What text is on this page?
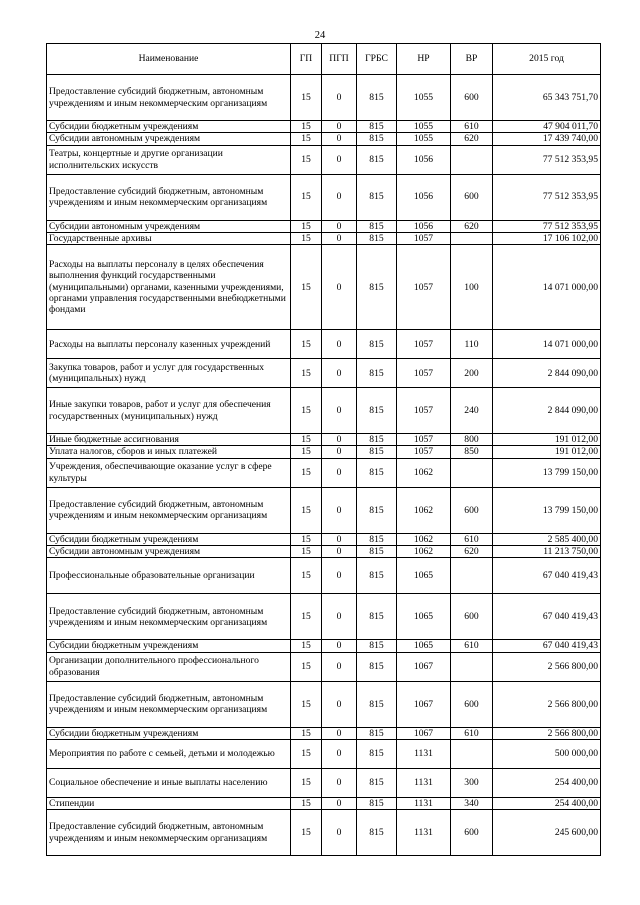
24
Наименование	ГП	ПГП	ГРБС	НР	ВР	2015 год
Предоставление субсидий бюджетным, автономным учреждениям и иным некоммерческим организациям	15	0	815	1055	600	65 343 751,70
Субсидии бюджетным учреждениям	15	0	815	1055	610	47 904 011,70
Субсидии автономным учреждениям	15	0	815	1055	620	17 439 740,00
Театры, концертные и другие организации исполнительских искусств	15	0	815	1056		77 512 353,95
Предоставление субсидий бюджетным, автономным учреждениям и иным некоммерческим организациям	15	0	815	1056	600	77 512 353,95
Субсидии автономным учреждениям	15	0	815	1056	620	77 512 353,95
Государственные архивы	15	0	815	1057		17 106 102,00
Расходы на выплаты персоналу в целях обеспечения выполнения функций государственными (муниципальными) органами, казенными учреждениями, органами управления государственными внебюджетными фондами	15	0	815	1057	100	14 071 000,00
Расходы на выплаты персоналу казенных учреждений	15	0	815	1057	110	14 071 000,00
Закупка товаров, работ и услуг для государственных (муниципальных) нужд	15	0	815	1057	200	2 844 090,00
Иные закупки товаров, работ и услуг для обеспечения государственных (муниципальных) нужд	15	0	815	1057	240	2 844 090,00
Иные бюджетные ассигнования	15	0	815	1057	800	191 012,00
Уплата налогов, сборов и иных платежей	15	0	815	1057	850	191 012,00
Учреждения, обеспечивающие оказание услуг в сфере культуры	15	0	815	1062		13 799 150,00
Предоставление субсидий бюджетным, автономным учреждениям и иным некоммерческим организациям	15	0	815	1062	600	13 799 150,00
Субсидии бюджетным учреждениям	15	0	815	1062	610	2 585 400,00
Субсидии автономным учреждениям	15	0	815	1062	620	11 213 750,00
Профессиональные образовательные организации	15	0	815	1065		67 040 419,43
Предоставление субсидий бюджетным, автономным учреждениям и иным некоммерческим организациям	15	0	815	1065	600	67 040 419,43
Субсидии бюджетным учреждениям	15	0	815	1065	610	67 040 419,43
Организации дополнительного профессионального образования	15	0	815	1067		2 566 800,00
Предоставление субсидий бюджетным, автономным учреждениям и иным некоммерческим организациям	15	0	815	1067	600	2 566 800,00
Субсидии бюджетным учреждениям	15	0	815	1067	610	2 566 800,00
Мероприятия по работе с семьей, детьми и молодежью	15	0	815	1131		500 000,00
Социальное обеспечение и иные выплаты населению	15	0	815	1131	300	254 400,00
Стипендии	15	0	815	1131	340	254 400,00
Предоставление субсидий бюджетным, автономным учреждениям и иным некоммерческим организациям	15	0	815	1131	600	245 600,00
